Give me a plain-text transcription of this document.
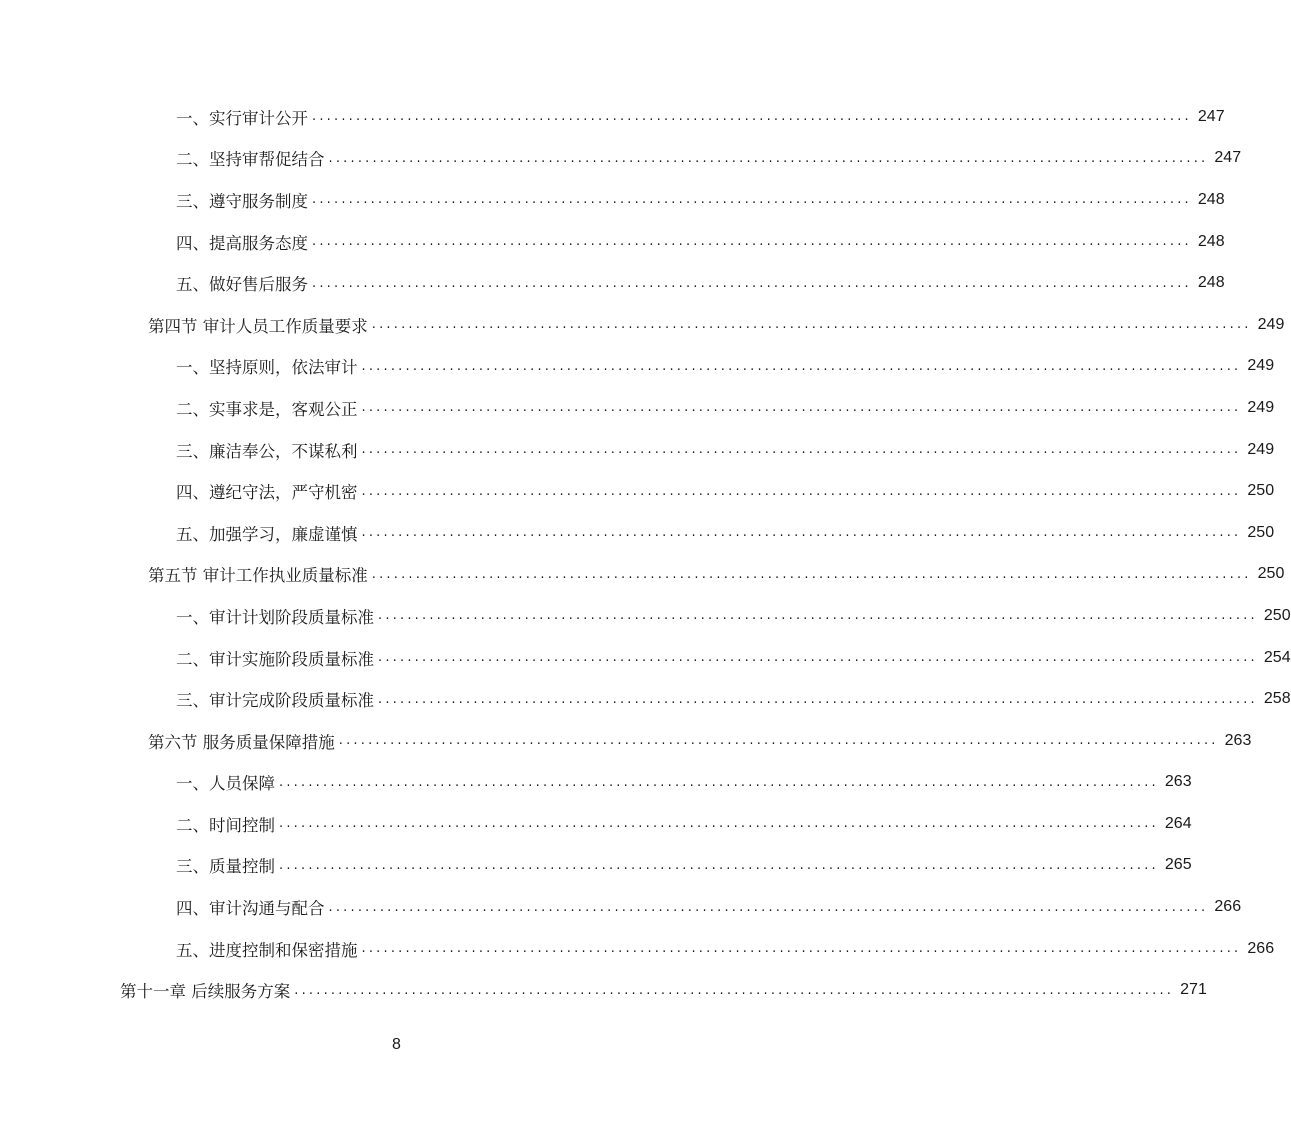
一、实行审计公开 ........................................................................................................................ 247
二、坚持审帮促结合 ........................................................................................................................ 247
三、遵守服务制度 ........................................................................................................................ 248
四、提高服务态度 ........................................................................................................................ 248
五、做好售后服务 ........................................................................................................................ 248
第四节 审计人员工作质量要求 ........................................................................................................................ 249
一、坚持原则，依法审计 ........................................................................................................................ 249
二、实事求是，客观公正 ........................................................................................................................ 249
三、廉洁奉公，不谋私利 ........................................................................................................................ 249
四、遵纪守法，严守机密 ........................................................................................................................ 250
五、加强学习，廉虚谨慎 ........................................................................................................................ 250
第五节 审计工作执业质量标准 ........................................................................................................................ 250
一、审计计划阶段质量标准 ........................................................................................................................ 250
二、审计实施阶段质量标准 ........................................................................................................................ 254
三、审计完成阶段质量标准 ........................................................................................................................ 258
第六节 服务质量保障措施 ........................................................................................................................ 263
一、人员保障 ........................................................................................................................ 263
二、时间控制 ........................................................................................................................ 264
三、质量控制 ........................................................................................................................ 265
四、审计沟通与配合 ........................................................................................................................ 266
五、进度控制和保密措施 ........................................................................................................................ 266
第十一章 后续服务方案 ........................................................................................................................ 271
8
